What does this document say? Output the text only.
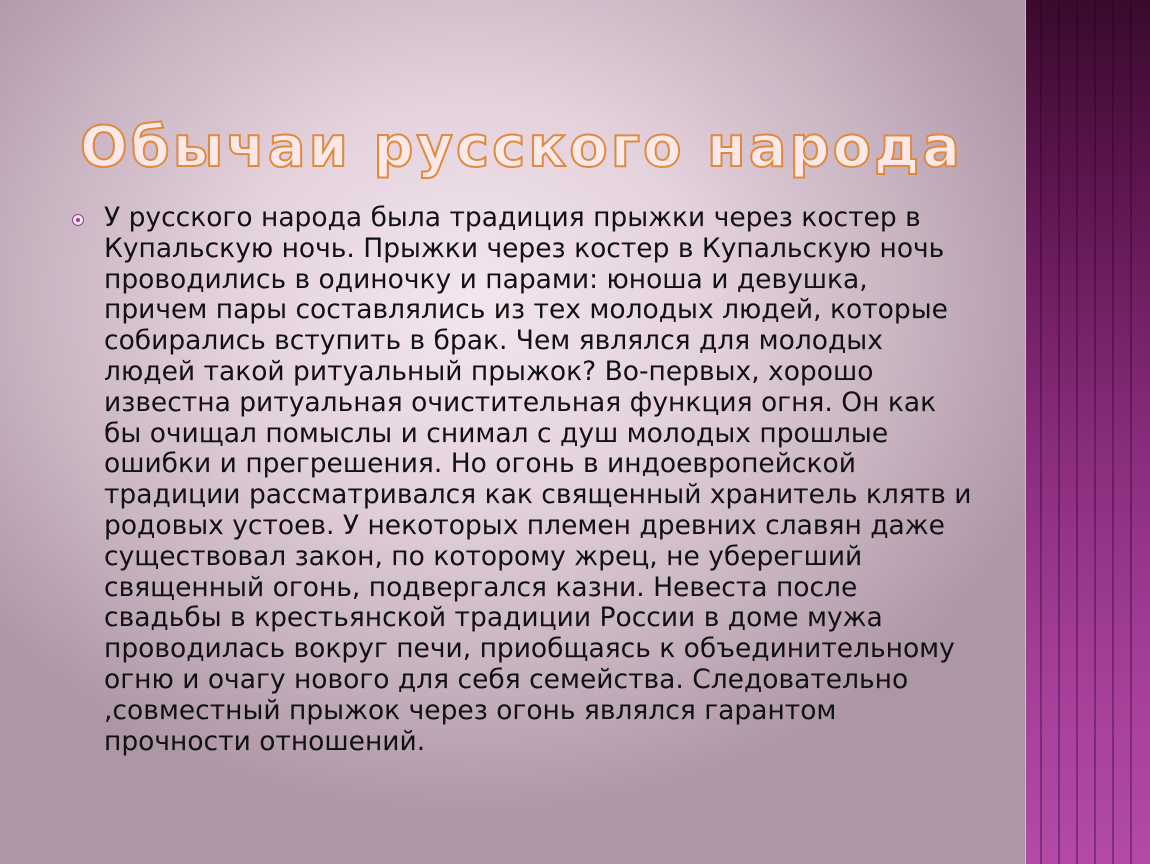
Обычаи русского народа

У русского народа была традиция прыжки через костер в Купальскую ночь. Прыжки через костер в Купальскую ночь проводились в одиночку и парами: юноша и девушка, причем пары составлялись из тех молодых людей, которые собирались вступить в брак. Чем являлся для молодых людей такой ритуальный прыжок? Во-первых, хорошо известна ритуальная очистительная функция огня. Он как бы очищал помыслы и снимал с душ молодых прошлые ошибки и прегрешения. Но огонь в индоевропейской традиции рассматривался как священный хранитель клятв и родовых устоев. У некоторых племен древних славян даже существовал закон, по которому жрец, не уберегший священный огонь, подвергался казни. Невеста после свадьбы в крестьянской традиции России в доме мужа проводилась вокруг печи, приобщаясь к объединительному огню и очагу нового для себя семейства. Следовательно ,совместный прыжок через огонь являлся гарантом прочности отношений.
